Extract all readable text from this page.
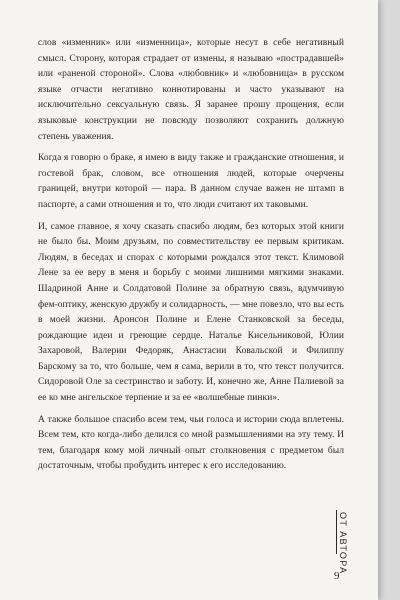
слов «изменник» или «изменница», которые несут в себе негативный смысл. Сторону, которая страдает от измены, я называю «пострадавшей» или «раненой стороной». Слова «любовник» и «любовница» в русском языке отчасти негативно коннотированы и часто указывают на исключительно сексуальную связь. Я заранее прошу прощения, если языковые конструкции не повсюду позволяют сохранить должную степень уважения.

Когда я говорю о браке, я имею в виду также и гражданские отношения, и гостевой брак, словом, все отношения людей, которые очерчены границей, внутри которой — пара. В данном случае важен не штамп в паспорте, а сами отношения и то, что люди считают их таковыми.

И, самое главное, я хочу сказать спасибо людям, без которых этой книги не было бы. Моим друзьям, по совместительству ее первым критикам. Людям, в беседах и спорах с которыми рождался этот текст. Климовой Лене за ее веру в меня и борьбу с моими лишними мягкими знаками. Шадриной Анне и Солдатовой Полине за обратную связь, вдумчивую фем-оптику, женскую дружбу и солидарность, — мне повезло, что вы есть в моей жизни. Аронсон Полине и Елене Станковской за беседы, рождающие идеи и греющие сердце. Наталье Кисельниковой, Юлии Захаровой, Валерии Федоряк, Анастасии Ковальской и Филиппу Барскому за то, что больше, чем я сама, верили в то, что текст получится. Сидоровой Оле за сестринство и заботу. И, конечно же, Анне Палиевой за ее ко мне ангельское терпение и за ее «волшебные пинки».

А также большое спасибо всем тем, чьи голоса и истории сюда вплетены. Всем тем, кто когда-либо делился со мной размышлениями на эту тему. И тем, благодаря кому мой личный опыт столкновения с предметом был достаточным, чтобы пробудить интерес к его исследованию.

ОТ АВТОРА
9
